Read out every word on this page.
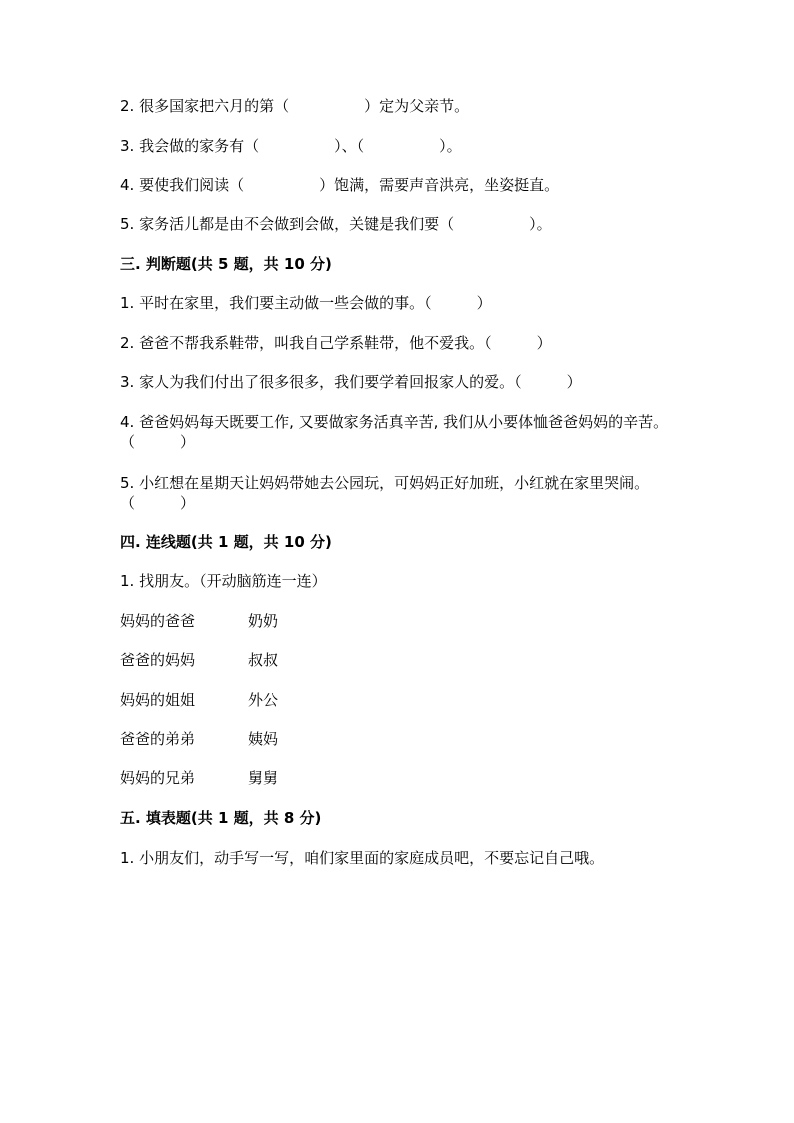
2. 很多国家把六月的第（　　　　　）定为父亲节。
3. 我会做的家务有（　　　　　）、（　　　　　）。
4. 要使我们阅读（　　　　　）饱满，需要声音洪亮，坐姿挺直。
5. 家务活儿都是由不会做到会做，关键是我们要（　　　　　）。
三. 判断题(共 5 题，共 10 分)
1. 平时在家里，我们要主动做一些会做的事。（　　　）
2. 爸爸不帮我系鞋带，叫我自己学系鞋带，他不爱我。（　　　）
3. 家人为我们付出了很多很多，我们要学着回报家人的爱。（　　　）
4. 爸爸妈妈每天既要工作, 又要做家务活真辛苦, 我们从小要体恤爸爸妈妈的辛苦。（　　　）
5. 小红想在星期天让妈妈带她去公园玩，可妈妈正好加班，小红就在家里哭闹。（　　　）
四. 连线题(共 1 题，共 10 分)
1. 找朋友。（开动脑筋连一连）
妈妈的爸爸	奶奶
爸爸的妈妈	叔叔
妈妈的姐姐	外公
爸爸的弟弟	姨妈
妈妈的兄弟	舅舅
五. 填表题(共 1 题，共 8 分)
1. 小朋友们，动手写一写，咱们家里面的家庭成员吧，不要忘记自己哦。
